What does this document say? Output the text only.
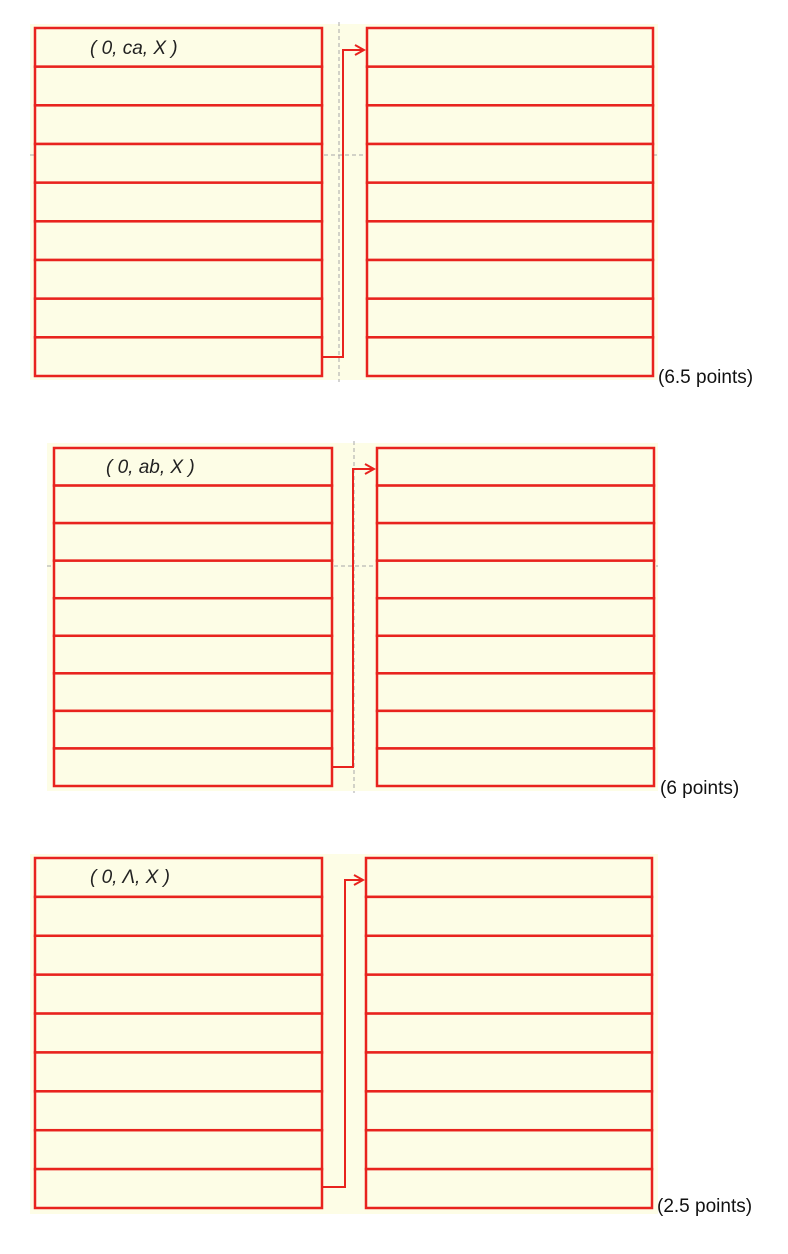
( 0, ca, X )
(6.5 points)
( 0, ab, X )
(6 points)
( 0, Λ, X )
(2.5 points)
